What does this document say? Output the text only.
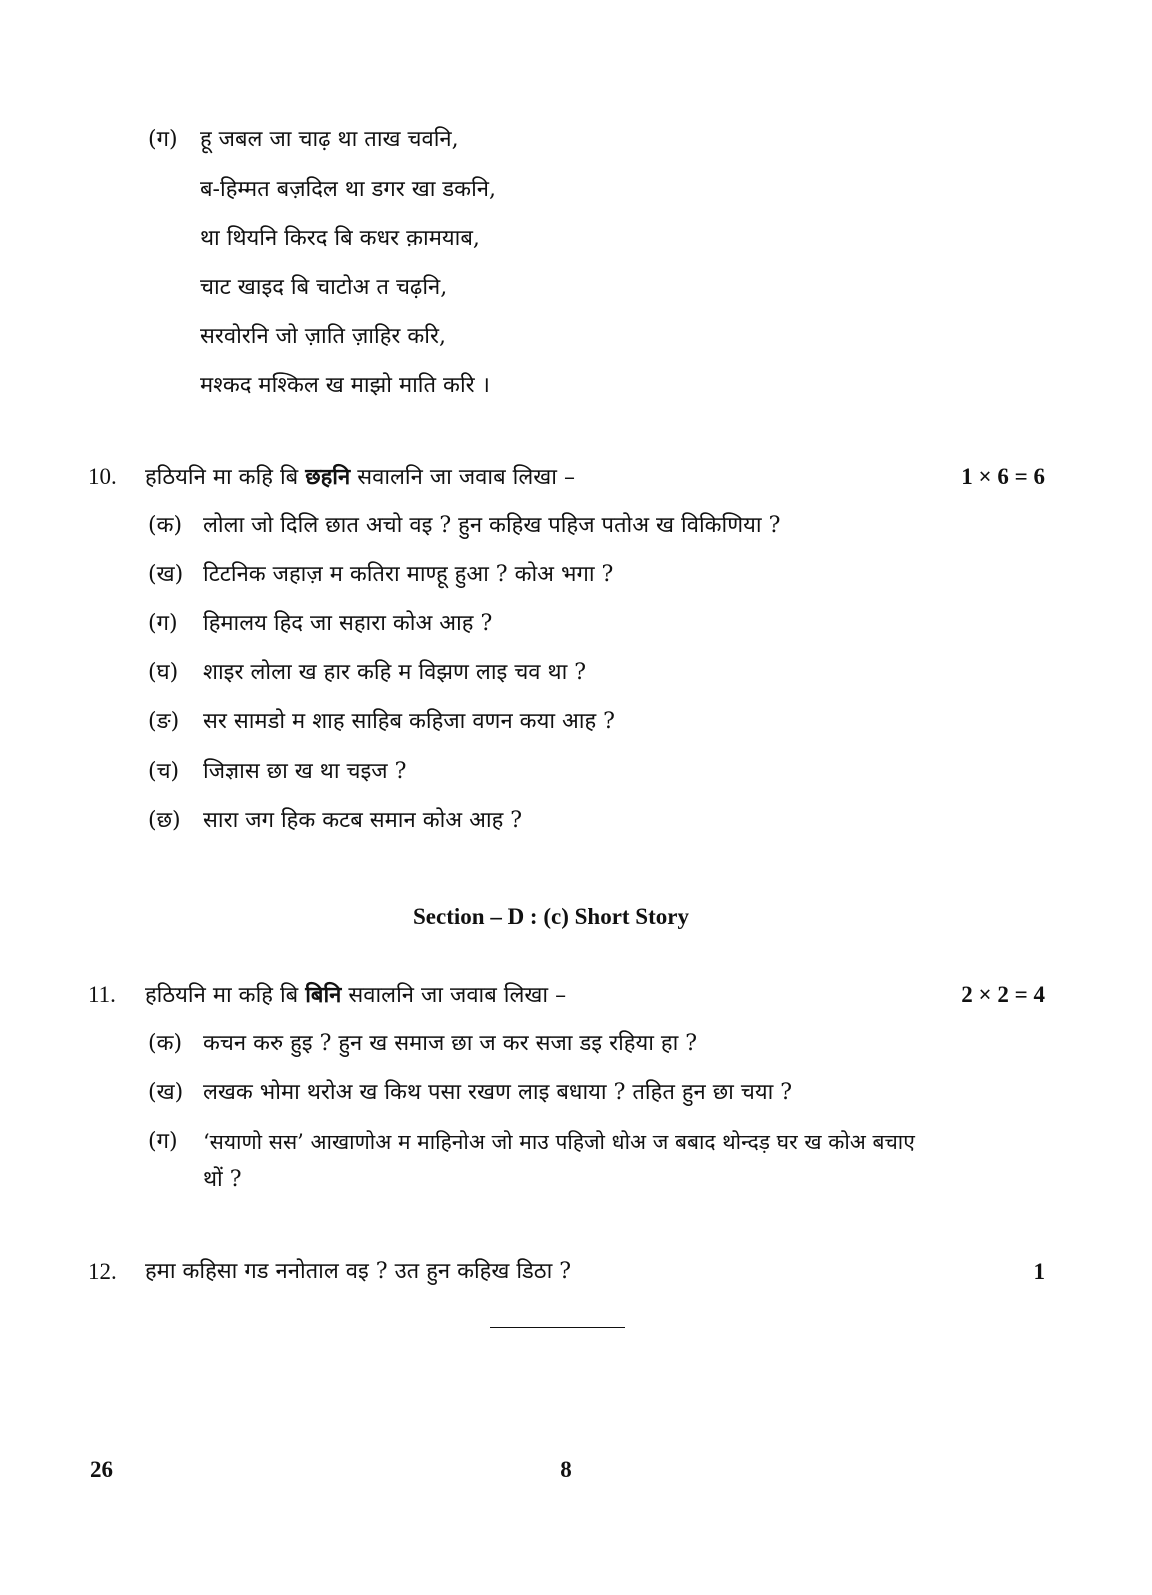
(ग) हू जबल जा चाढ़ था ताख चवनि,
ब-हिम्मत बज़दिल था डगर खा डकनि,
था थियनि किरद बि कधर क़ामयाब,
चाट खाइद बि चाटोअ त चढ़नि,
सरवोरनि जो ज़ाति ज़ाहिर करि,
मश्कद मश्किल ख माझो माति करि ।
10. हठियनि मा कहि बि छहनि सवालनि जा जवाब लिखा –	1 × 6 = 6
(क) लोला जो दिलि छात अचो वइ ? हुन कहिख पहिज पतोअ ख विकिणिया ?
(ख) टिटनिक जहाज़ म कतिरा माण्हू हुआ ? कोअ भगा ?
(ग) हिमालय हिद जा सहारा कोअ आह ?
(घ) शाइर लोला ख हार कहि म विझण लाइ चव था ?
(ङ) सर सामडो म शाह साहिब कहिजा वणन कया आह ?
(च) जिज्ञास छा ख था चइज ?
(छ) सारा जग हिक कटब समान कोअ आह ?
Section – D : (c) Short Story
11. हठियनि मा कहि बि बिनि सवालनि जा जवाब लिखा –	2 × 2 = 4
(क) कचन करु हुइ ? हुन ख समाज छा ज कर सजा डइ रहिया हा ?
(ख) लखक भोमा थरोअ ख किथ पसा रखण लाइ बधाया ? तहित हुन छा चया ?
(ग) ‘सयाणो सस’ आखाणोअ म माहिनोअ जो माउ पहिजो धोअ ज बबाद थोन्दड़ घर ख कोअ बचाए
थों ?
12. हमा कहिसा गड ननोताल वइ ? उत हुन कहिख डिठा ?	1
26	8
